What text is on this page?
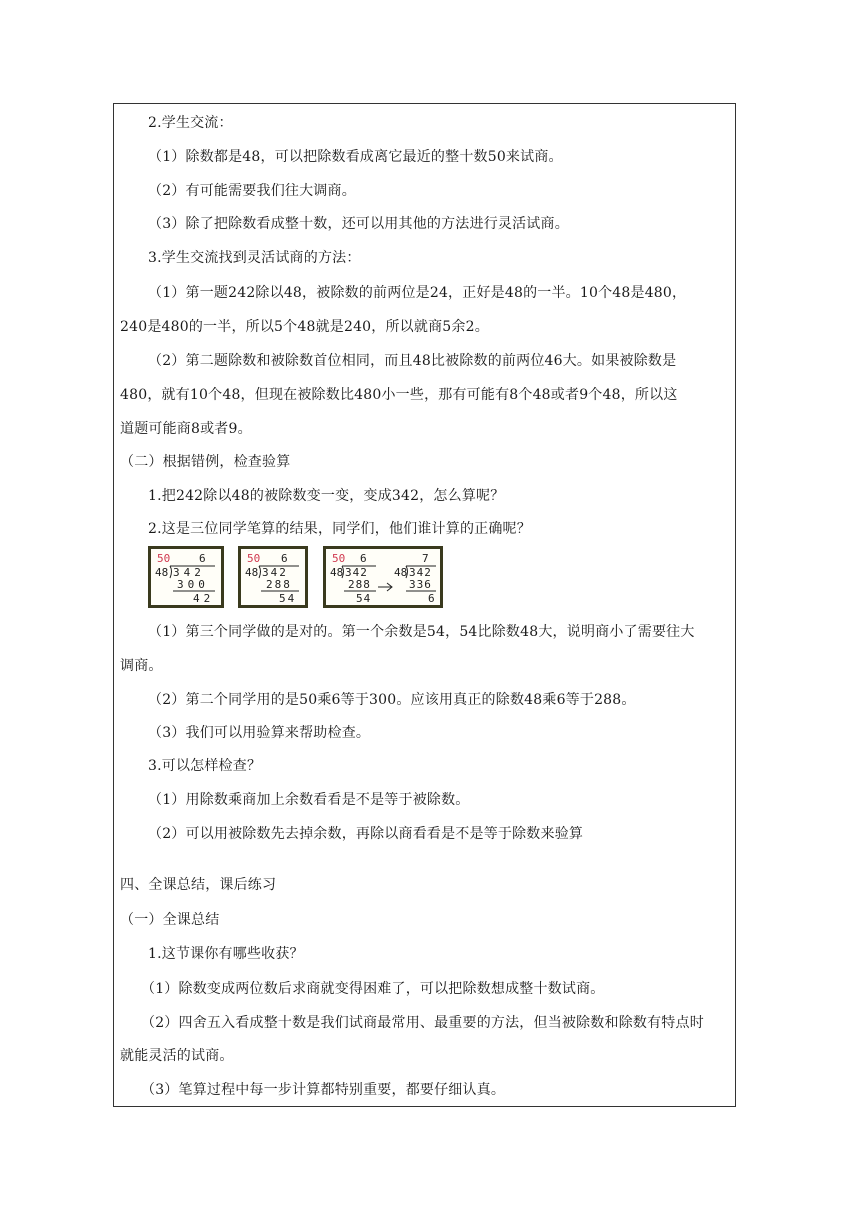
2.学生交流：
（1）除数都是48，可以把除数看成离它最近的整十数50来试商。
（2）有可能需要我们往大调商。
（3）除了把除数看成整十数，还可以用其他的方法进行灵活试商。
3.学生交流找到灵活试商的方法：
（1）第一题242除以48，被除数的前两位是24，正好是48的一半。10个48是480，
240是480的一半，所以5个48就是240，所以就商5余2。
（2）第二题除数和被除数首位相同，而且48比被除数的前两位46大。如果被除数是
480，就有10个48，但现在被除数比480小一些，那有可能有8个48或者9个48，所以这
道题可能商8或者9。
（二）根据错例，检查验算
1.把242除以48的被除数变一变，变成342，怎么算呢？
2.这是三位同学笔算的结果，同学们，他们谁计算的正确呢？
50	6
48 342
300
42
50 6
48 342
288
54
50 6
48 342
288
54
7
48 342
336
6
（1）第三个同学做的是对的。第一个余数是54，54比除数48大，说明商小了需要往大
调商。
（2）第二个同学用的是50乘6等于300。应该用真正的除数48乘6等于288。
（3）我们可以用验算来帮助检查。
3.可以怎样检查？
（1）用除数乘商加上余数看看是不是等于被除数。
（2）可以用被除数先去掉余数，再除以商看看是不是等于除数来验算
四、全课总结，课后练习
（一）全课总结
1.这节课你有哪些收获？
（1）除数变成两位数后求商就变得困难了，可以把除数想成整十数试商。
（2）四舍五入看成整十数是我们试商最常用、最重要的方法，但当被除数和除数有特点时
就能灵活的试商。
（3）笔算过程中每一步计算都特别重要，都要仔细认真。
